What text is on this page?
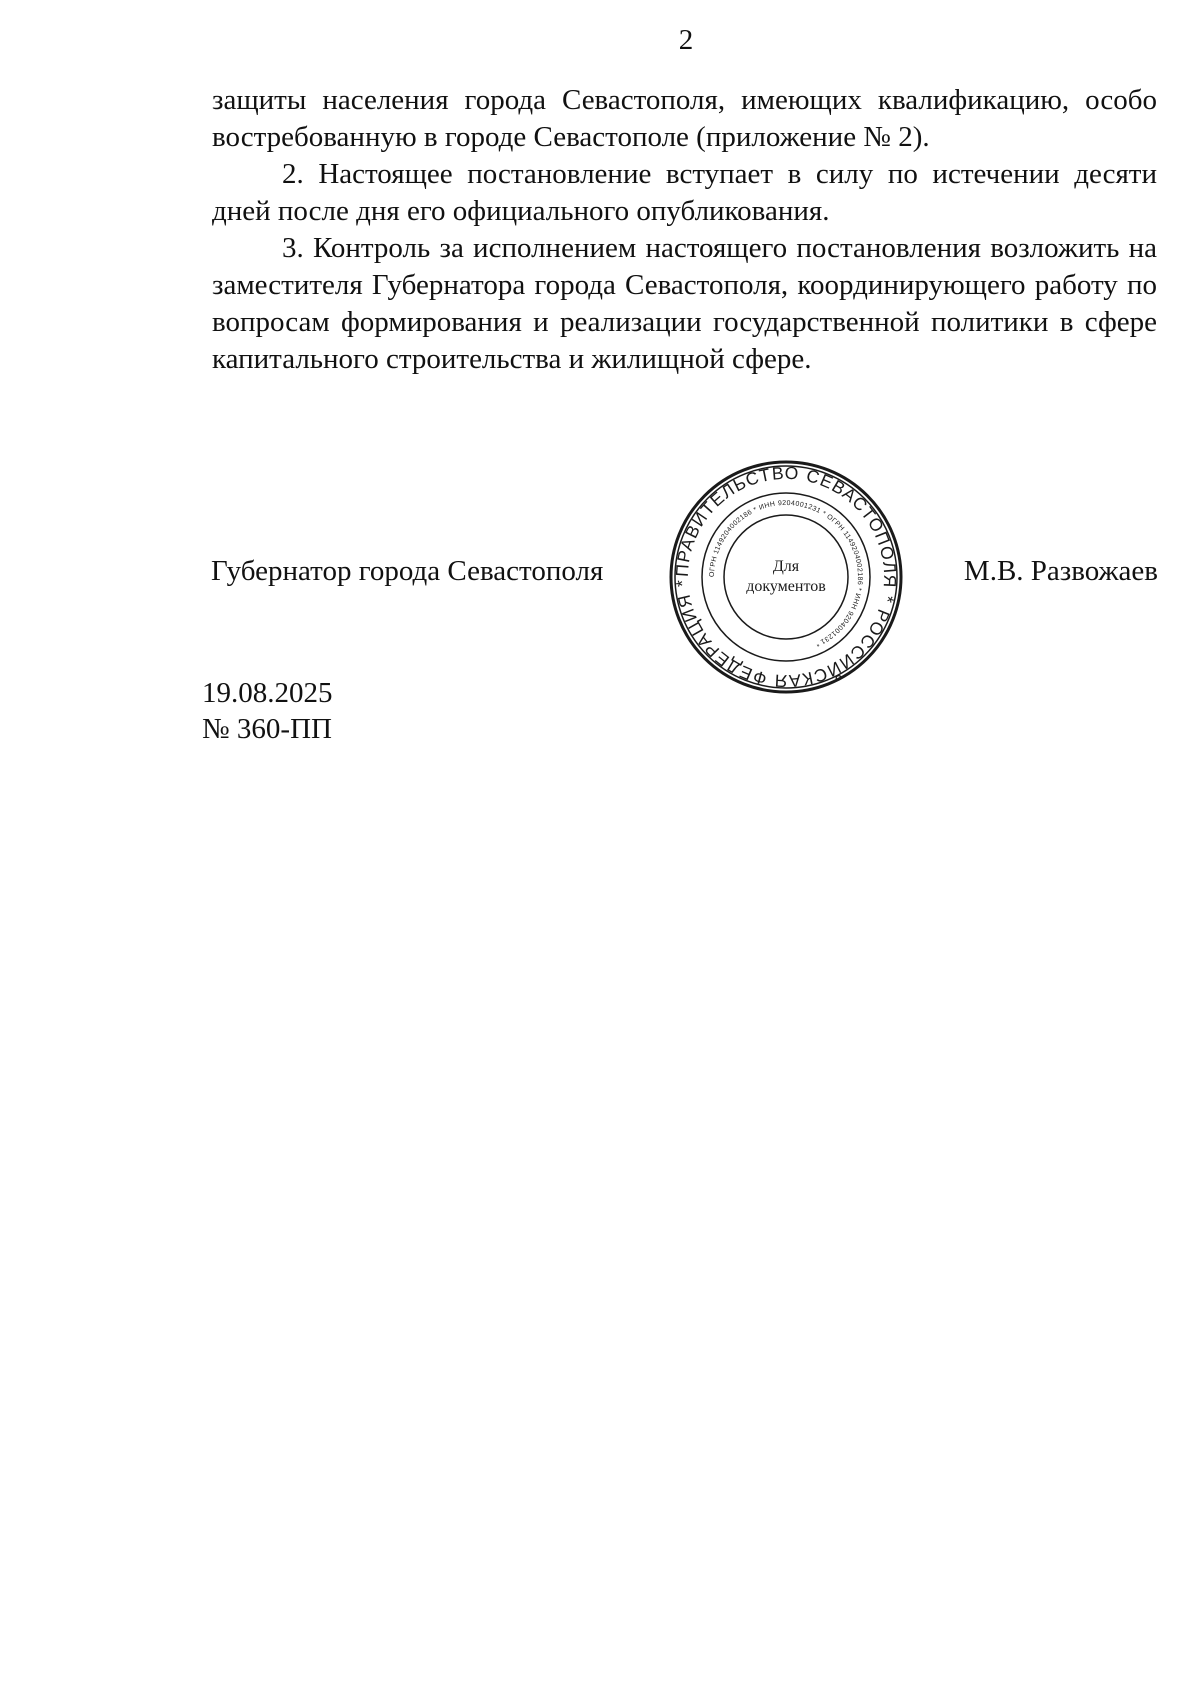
2

защиты населения города Севастополя, имеющих квалификацию, особо востребованную в городе Севастополе (приложение № 2).

2. Настоящее постановление вступает в силу по истечении десяти дней после дня его официального опубликования.

3. Контроль за исполнением настоящего постановления возложить на заместителя Губернатора города Севастополя, координирующего работу по вопросам формирования и реализации государственной политики в сфере капитального строительства и жилищной сфере.

Губернатор города Севастополя	М.В. Развожаев
ПРАВИТЕЛЬСТВО СЕВАСТОПОЛЯ * РОССИЙСКАЯ ФЕДЕРАЦИЯ *
ОГРН 1149204002186 * ИНН 9204001231 * ОГРН 1149204002186 * ИНН 9204001231 *
Для
документов
19.08.2025
№ 360-ПП
